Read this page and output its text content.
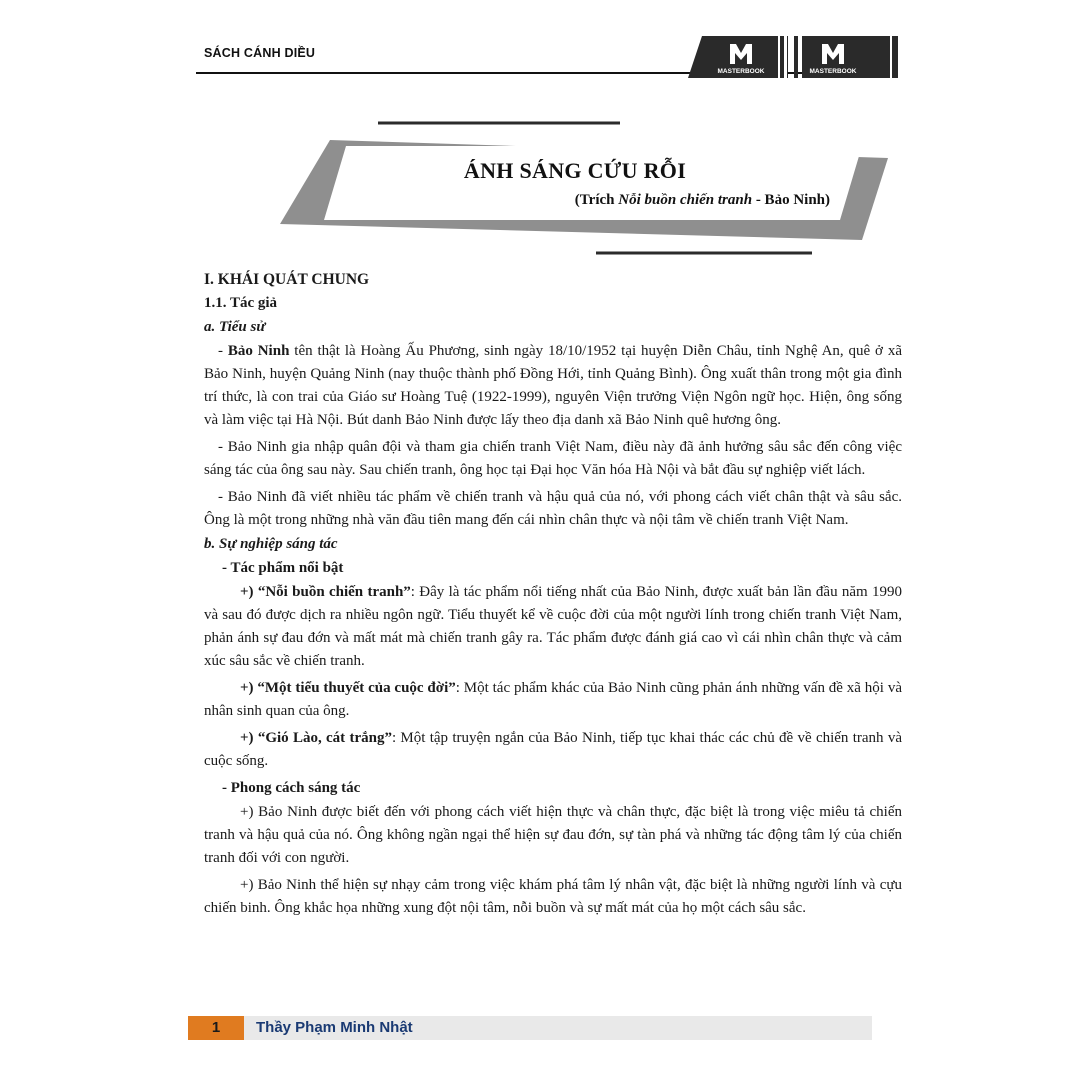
SÁCH CÁNH DIỀU
MASTERBOOK	MASTERBOOK
ÁNH SÁNG CỨU RỖI
(Trích Nỗi buồn chiến tranh - Bảo Ninh)

I. KHÁI QUÁT CHUNG

1.1. Tác giả

a. Tiểu sử

- Bảo Ninh tên thật là Hoàng Ấu Phương, sinh ngày 18/10/1952 tại huyện Diễn Châu, tỉnh Nghệ An, quê ở xã Bảo Ninh, huyện Quảng Ninh (nay thuộc thành phố Đồng Hới, tỉnh Quảng Bình). Ông xuất thân trong một gia đình trí thức, là con trai của Giáo sư Hoàng Tuệ (1922-1999), nguyên Viện trưởng Viện Ngôn ngữ học. Hiện, ông sống và làm việc tại Hà Nội. Bút danh Bảo Ninh được lấy theo địa danh xã Bảo Ninh quê hương ông.

- Bảo Ninh gia nhập quân đội và tham gia chiến tranh Việt Nam, điều này đã ảnh hưởng sâu sắc đến công việc sáng tác của ông sau này. Sau chiến tranh, ông học tại Đại học Văn hóa Hà Nội và bắt đầu sự nghiệp viết lách.

- Bảo Ninh đã viết nhiều tác phẩm về chiến tranh và hậu quả của nó, với phong cách viết chân thật và sâu sắc. Ông là một trong những nhà văn đầu tiên mang đến cái nhìn chân thực và nội tâm về chiến tranh Việt Nam.

b. Sự nghiệp sáng tác

- Tác phẩm nổi bật

+) “Nỗi buồn chiến tranh”: Đây là tác phẩm nổi tiếng nhất của Bảo Ninh, được xuất bản lần đầu năm 1990 và sau đó được dịch ra nhiều ngôn ngữ. Tiểu thuyết kể về cuộc đời của một người lính trong chiến tranh Việt Nam, phản ánh sự đau đớn và mất mát mà chiến tranh gây ra. Tác phẩm được đánh giá cao vì cái nhìn chân thực và cảm xúc sâu sắc về chiến tranh.

+) “Một tiểu thuyết của cuộc đời”: Một tác phẩm khác của Bảo Ninh cũng phản ánh những vấn đề xã hội và nhân sinh quan của ông.

+) “Gió Lào, cát trắng”: Một tập truyện ngắn của Bảo Ninh, tiếp tục khai thác các chủ đề về chiến tranh và cuộc sống.

- Phong cách sáng tác

+) Bảo Ninh được biết đến với phong cách viết hiện thực và chân thực, đặc biệt là trong việc miêu tả chiến tranh và hậu quả của nó. Ông không ngần ngại thể hiện sự đau đớn, sự tàn phá và những tác động tâm lý của chiến tranh đối với con người.

+) Bảo Ninh thể hiện sự nhạy cảm trong việc khám phá tâm lý nhân vật, đặc biệt là những người lính và cựu chiến binh. Ông khắc họa những xung đột nội tâm, nỗi buồn và sự mất mát của họ một cách sâu sắc.

1	Thầy Phạm Minh Nhật
